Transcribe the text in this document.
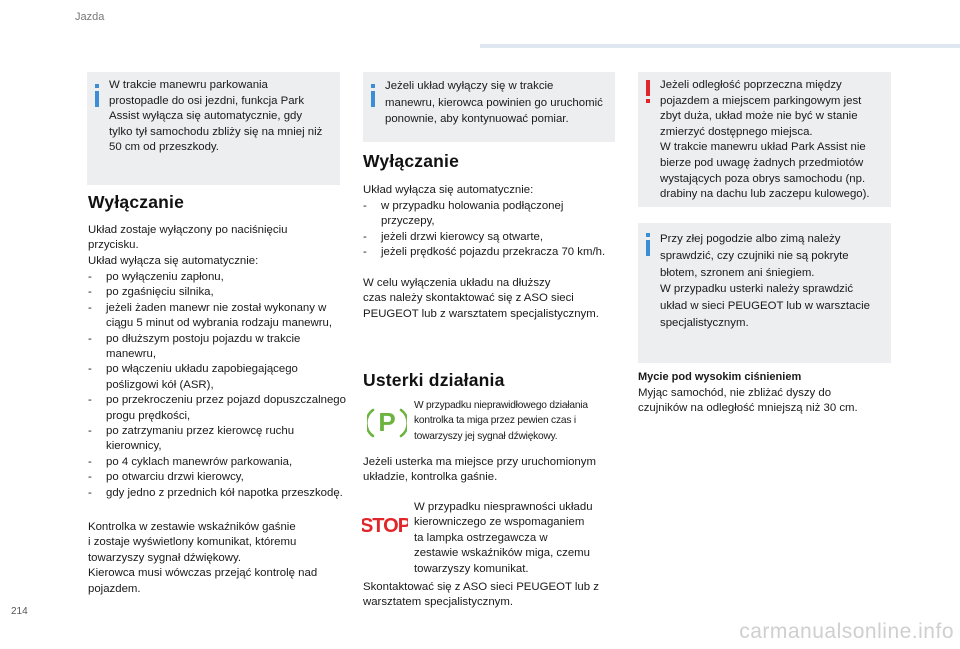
Jazda
W trakcie manewru parkowania
prostopadle do osi jezdni, funkcja Park
Assist wyłącza się automatycznie, gdy
tylko tył samochodu zbliży się na mniej niż
50 cm od przeszkody.
Wyłączanie
Układ zostaje wyłączony po naciśnięciu
przycisku.
Układ wyłącza się automatycznie:
- po wyłączeniu zapłonu,
- po zgaśnięciu silnika,
- jeżeli żaden manewr nie został wykonany w ciągu 5 minut od wybrania rodzaju manewru,
- po dłuższym postoju pojazdu w trakcie manewru,
- po włączeniu układu zapobiegającego poślizgowi kół (ASR),
- po przekroczeniu przez pojazd dopuszczalnego progu prędkości,
- po zatrzymaniu przez kierowcę ruchu kierownicy,
- po 4 cyklach manewrów parkowania,
- po otwarciu drzwi kierowcy,
- gdy jedno z przednich kół napotka przeszkodę.
Kontrolka w zestawie wskaźników gaśnie
i zostaje wyświetlony komunikat, któremu
towarzyszy sygnał dźwiękowy.
Kierowca musi wówczas przejąć kontrolę nad
pojazdem.
Jeżeli układ wyłączy się w trakcie
manewru, kierowca powinien go uruchomić
ponownie, aby kontynuować pomiar.
Wyłączanie
Układ wyłącza się automatycznie:
- w przypadku holowania podłączonej przyczepy,
- jeżeli drzwi kierowcy są otwarte,
- jeżeli prędkość pojazdu przekracza 70 km/h.
W celu wyłączenia układu na dłuższy
czas należy skontaktować się z ASO sieci
PEUGEOT lub z warsztatem specjalistycznym.
Usterki działania
P
W przypadku nieprawidłowego działania
kontrolka ta miga przez pewien czas i
towarzyszy jej sygnał dźwiękowy.
Jeżeli usterka ma miejsce przy uruchomionym
układzie, kontrolka gaśnie.
STOP
W przypadku niesprawności układu
kierowniczego ze wspomaganiem
ta lampka ostrzegawcza w
zestawie wskaźników miga, czemu
towarzyszy komunikat.
Skontaktować się z ASO sieci PEUGEOT lub z
warsztatem specjalistycznym.
Jeżeli odległość poprzeczna między
pojazdem a miejscem parkingowym jest
zbyt duża, układ może nie być w stanie
zmierzyć dostępnego miejsca.
W trakcie manewru układ Park Assist nie
bierze pod uwagę żadnych przedmiotów
wystających poza obrys samochodu (np.
drabiny na dachu lub zaczepu kulowego).
Przy złej pogodzie albo zimą należy
sprawdzić, czy czujniki nie są pokryte
błotem, szronem ani śniegiem.
W przypadku usterki należy sprawdzić
układ w sieci PEUGEOT lub w warsztacie
specjalistycznym.
Mycie pod wysokim ciśnieniem
Myjąc samochód, nie zbliżać dyszy do
czujników na odległość mniejszą niż 30 cm.
214
carmanualsonline.info
